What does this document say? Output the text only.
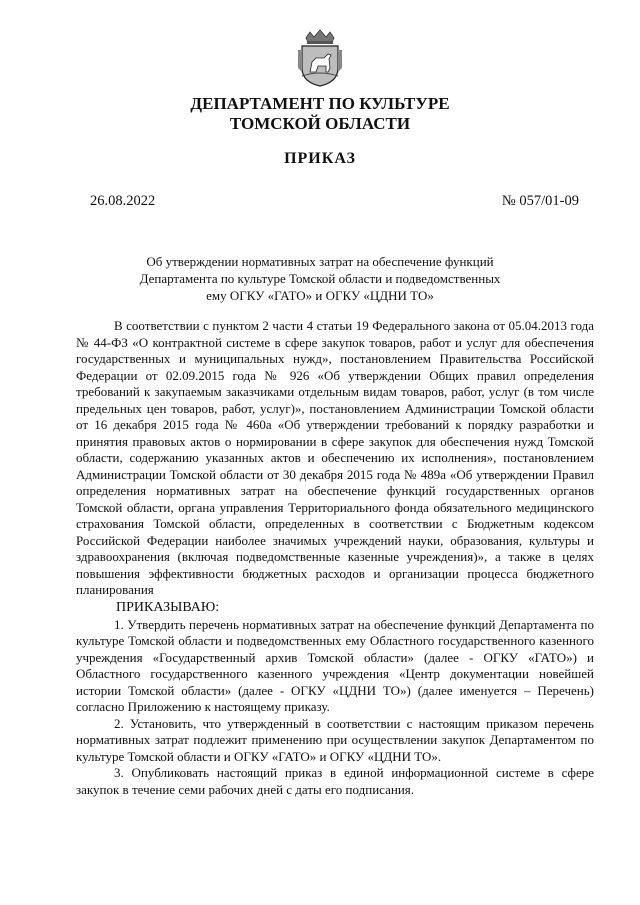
ДЕПАРТАМЕНТ ПО КУЛЬТУРЕ
ТОМСКОЙ ОБЛАСТИ
ПРИКАЗ
26.08.2022	№ 057/01-09
Об утверждении нормативных затрат на обеспечение функций
Департамента по культуре Томской области и подведомственных
ему ОГКУ «ГАТО» и ОГКУ «ЦДНИ ТО»

В соответствии с пунктом 2 части 4 статьи 19 Федерального закона от 05.04.2013 года № 44-ФЗ «О контрактной системе в сфере закупок товаров, работ и услуг для обеспечения государственных и муниципальных нужд», постановлением Правительства Российской Федерации от 02.09.2015 года № 926 «Об утверждении Общих правил определения требований к закупаемым заказчиками отдельным видам товаров, работ, услуг (в том числе предельных цен товаров, работ, услуг)», постановлением Администрации Томской области от 16 декабря 2015 года № 460а «Об утверждении требований к порядку разработки и принятия правовых актов о нормировании в сфере закупок для обеспечения нужд Томской области, содержанию указанных актов и обеспечению их исполнения», постановлением Администрации Томской области от 30 декабря 2015 года № 489а «Об утверждении Правил определения нормативных затрат на обеспечение функций государственных органов Томской области, органа управления Территориального фонда обязательного медицинского страхования Томской области, определенных в соответствии с Бюджетным кодексом Российской Федерации наиболее значимых учреждений науки, образования, культуры и здравоохранения (включая подведомственные казенные учреждения)», а также в целях повышения эффективности бюджетных расходов и организации процесса бюджетного планирования

ПРИКАЗЫВАЮ:

1. Утвердить перечень нормативных затрат на обеспечение функций Департамента по культуре Томской области и подведомственных ему Областного государственного казенного учреждения «Государственный архив Томской области» (далее - ОГКУ «ГАТО») и Областного государственного казенного учреждения «Центр документации новейшей истории Томской области» (далее - ОГКУ «ЦДНИ ТО») (далее именуется – Перечень) согласно Приложению к настоящему приказу.

2. Установить, что утвержденный в соответствии с настоящим приказом перечень нормативных затрат подлежит применению при осуществлении закупок Департаментом по культуре Томской области и ОГКУ «ГАТО» и ОГКУ «ЦДНИ ТО».

3. Опубликовать настоящий приказ в единой информационной системе в сфере закупок в течение семи рабочих дней с даты его подписания.
